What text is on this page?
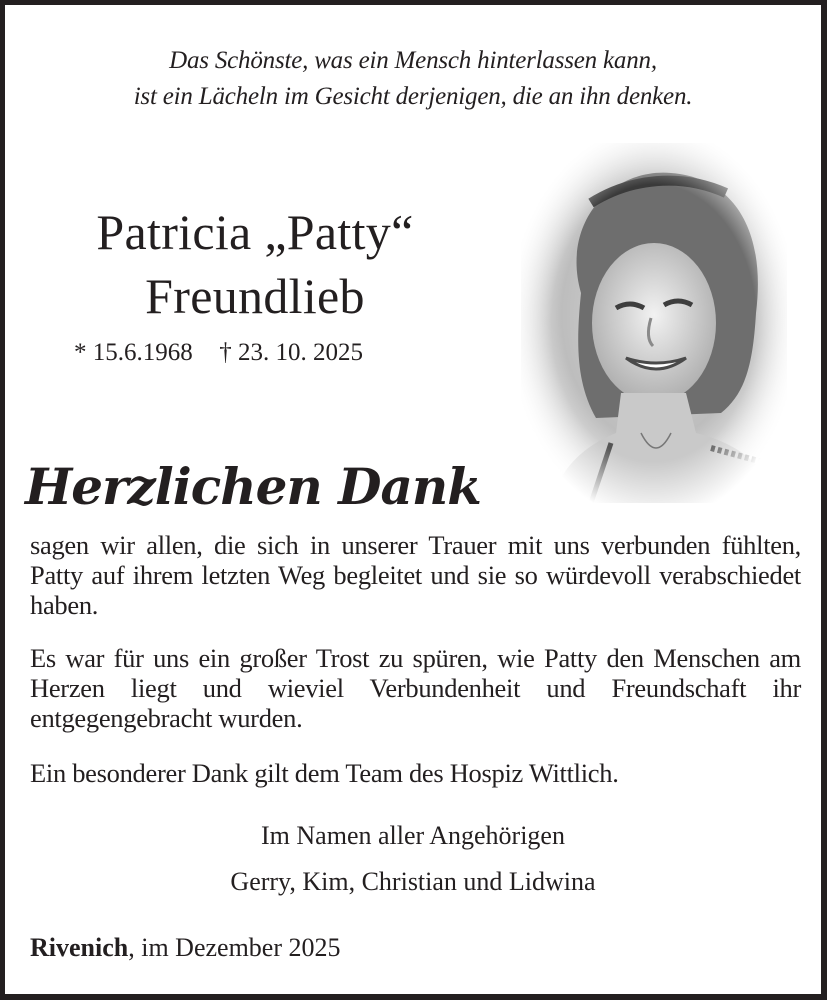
Das Schönste, was ein Mensch hinterlassen kann,
ist ein Lächeln im Gesicht derjenigen, die an ihn denken.
Patricia „Patty“
Freundlieb
* 15.6.1968 † 23. 10. 2025
Herzlichen Dank
sagen wir allen, die sich in unserer Trauer mit uns verbunden fühlten, Patty auf ihrem letzten Weg begleitet und sie so würdevoll verabschiedet haben.
Es war für uns ein großer Trost zu spüren, wie Patty den Menschen am Herzen liegt und wieviel Verbundenheit und Freundschaft ihr entgegengebracht wurden.
Ein besonderer Dank gilt dem Team des Hospiz Wittlich.
Im Namen aller Angehörigen
Gerry, Kim, Christian und Lidwina
Rivenich, im Dezember 2025
